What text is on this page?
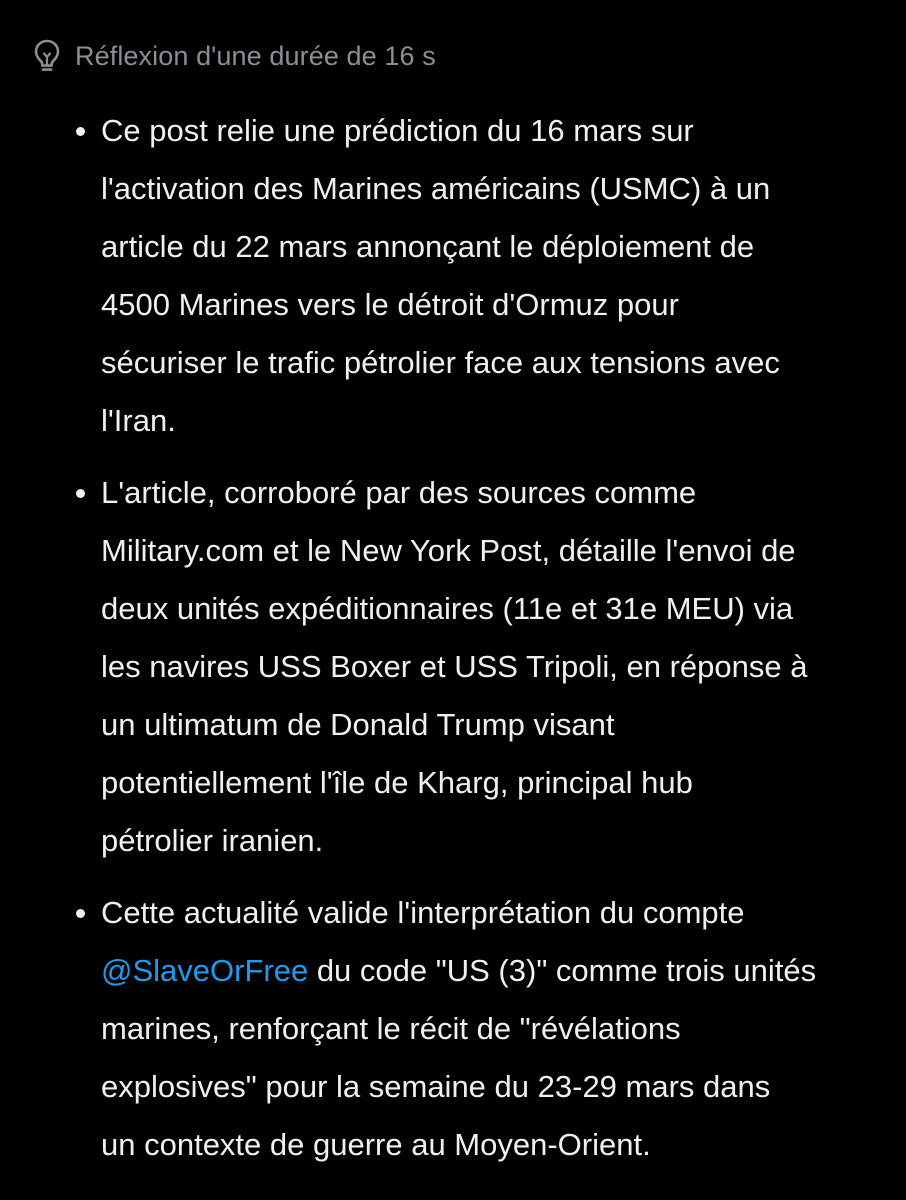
Réflexion d'une durée de 16 s
Ce post relie une prédiction du 16 mars sur
l'activation des Marines américains (USMC) à un
article du 22 mars annonçant le déploiement de
4500 Marines vers le détroit d'Ormuz pour
sécuriser le trafic pétrolier face aux tensions avec
l'Iran.
L'article, corroboré par des sources comme
Military.com et le New York Post, détaille l'envoi de
deux unités expéditionnaires (11e et 31e MEU) via
les navires USS Boxer et USS Tripoli, en réponse à
un ultimatum de Donald Trump visant
potentiellement l'île de Kharg, principal hub
pétrolier iranien.
Cette actualité valide l'interprétation du compte
@SlaveOrFree du code "US (3)" comme trois unités
marines, renforçant le récit de "révélations
explosives" pour la semaine du 23-29 mars dans
un contexte de guerre au Moyen-Orient.
